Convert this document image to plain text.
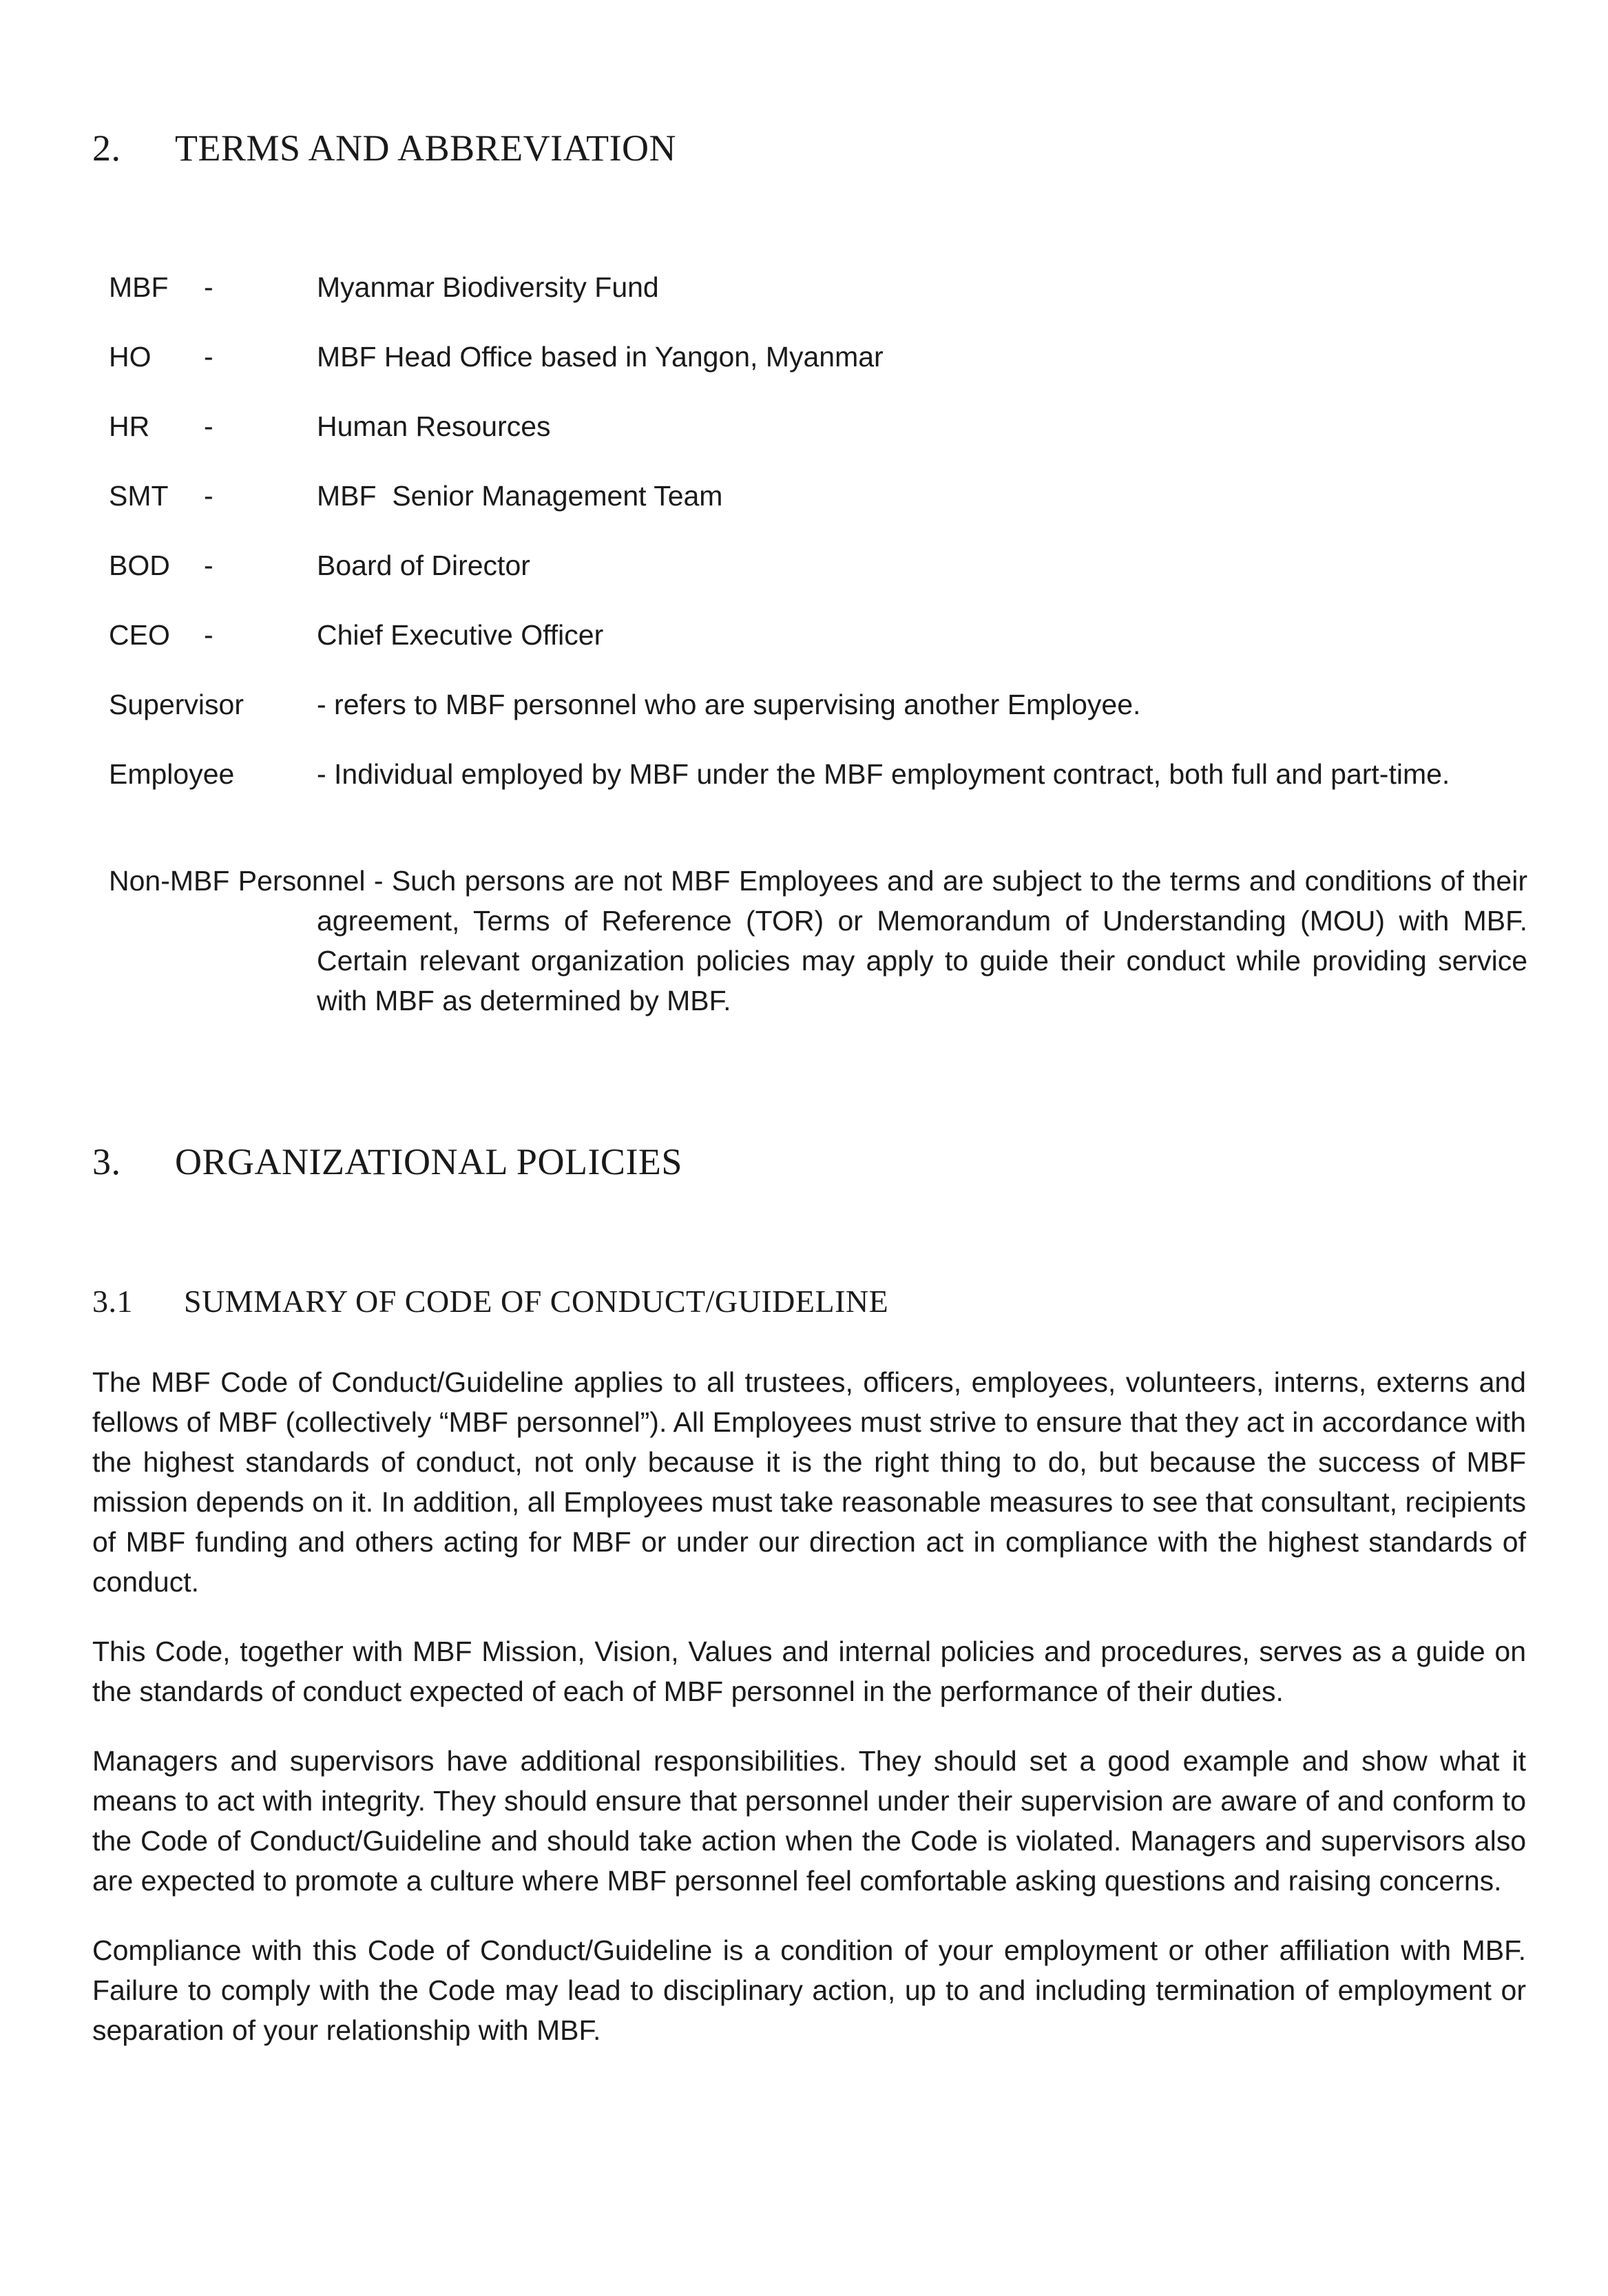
2. TERMS AND ABBREVIATION
MBF -	Myanmar Biodiversity Fund
HO -	MBF Head Office based in Yangon, Myanmar
HR -	Human Resources
SMT -	MBF  Senior Management Team
BOD -	Board of Director
CEO -	Chief Executive Officer
Supervisor	- refers to MBF personnel who are supervising another Employee.
Employee	- Individual employed by MBF under the MBF employment contract, both full and part-time.
Non-MBF Personnel - Such persons are not MBF Employees and are subject to the terms and conditions of their agreement, Terms of Reference (TOR) or Memorandum of Understanding (MOU) with MBF. Certain relevant organization policies may apply to guide their conduct while providing service with MBF as determined by MBF.
3. ORGANIZATIONAL POLICIES
3.1 SUMMARY OF CODE OF CONDUCT/GUIDELINE

The MBF Code of Conduct/Guideline applies to all trustees, officers, employees, volunteers, interns, externs and fellows of MBF (collectively “MBF personnel”). All Employees must strive to ensure that they act in accordance with the highest standards of conduct, not only because it is the right thing to do, but because the success of MBF mission depends on it. In addition, all Employees must take reasonable measures to see that consultant, recipients of MBF funding and others acting for MBF or under our direction act in compliance with the highest standards of conduct.

This Code, together with MBF Mission, Vision, Values and internal policies and procedures, serves as a guide on the standards of conduct expected of each of MBF personnel in the performance of their duties.

Managers and supervisors have additional responsibilities. They should set a good example and show what it means to act with integrity. They should ensure that personnel under their supervision are aware of and conform to the Code of Conduct/Guideline and should take action when the Code is violated. Managers and supervisors also are expected to promote a culture where MBF personnel feel comfortable asking questions and raising concerns.

Compliance with this Code of Conduct/Guideline is a condition of your employment or other affiliation with MBF. Failure to comply with the Code may lead to disciplinary action, up to and including termination of employment or separation of your relationship with MBF.
